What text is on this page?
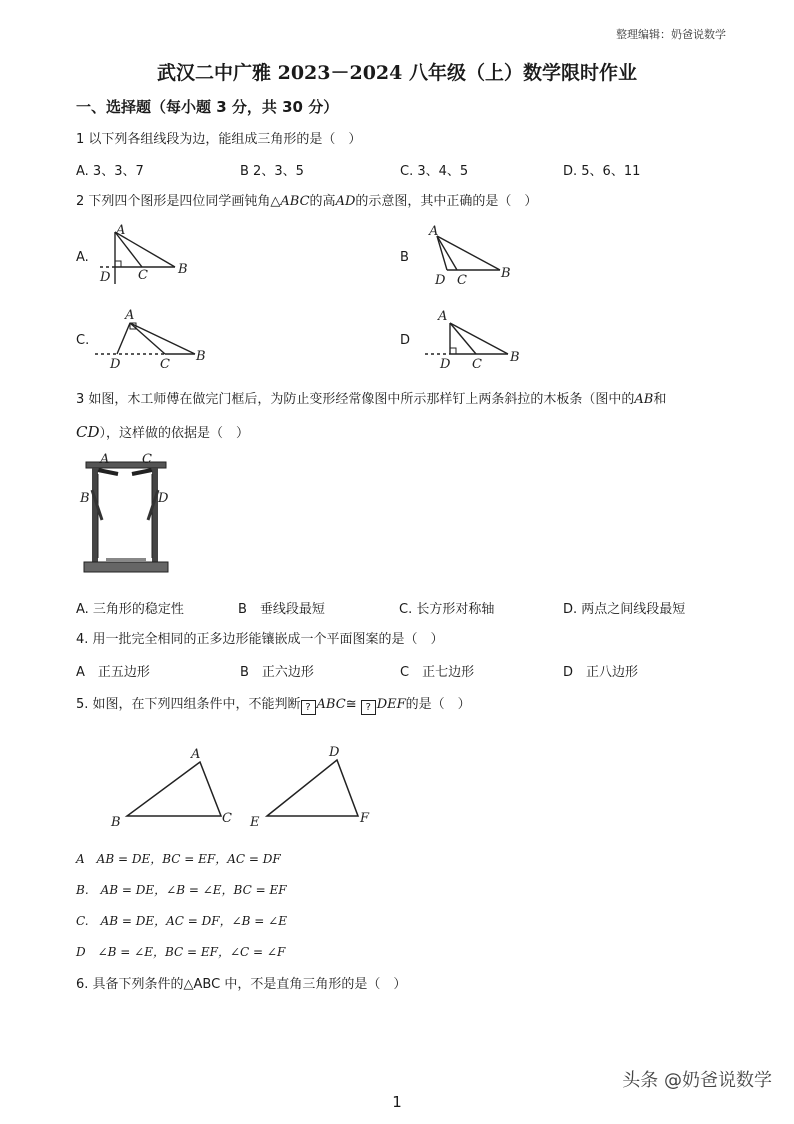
整理编辑：奶爸说数学
武汉二中广雅 2023－2024 八年级（上）数学限时作业
一、选择题（每小题 3 分，共 30 分）
1 以下列各组线段为边，能组成三角形的是（　）
A. 3、3、7	B 2、3、5	C. 3、4、5	D. 5、6、11
2 下列四个图形是四位同学画钝角△ABC的高AD的示意图，其中正确的是（　）
A.
A
D C B
B
A
D C	B
C.
A
D	C
B
D
A
D C B
3 如图，木工师傅在做完门框后，为防止变形经常像图中所示那样钉上两条斜拉的木板条（图中的AB和
CD），这样做的依据是（　）
A	C
B	D
A. 三角形的稳定性	B　垂线段最短	C. 长方形对称轴	D. 两点之间线段最短
4. 用一批完全相同的正多边形能镶嵌成一个平面图案的是（　）
A　正五边形	B　正六边形	C　正七边形	D　正八边形
5. 如图，在下列四组条件中，不能判断 ? ABC≅ ? DEF的是（　）
A
B	C
D
E	F
A　AB = DE，BC = EF，AC = DF
B.　AB = DE，∠B = ∠E，BC = EF
C.　AB = DE，AC = DF，∠B = ∠E
D　∠B = ∠E，BC = EF，∠C = ∠F
6. 具备下列条件的△ABC 中，不是直角三角形的是（　）
头条 @奶爸说数学
1
